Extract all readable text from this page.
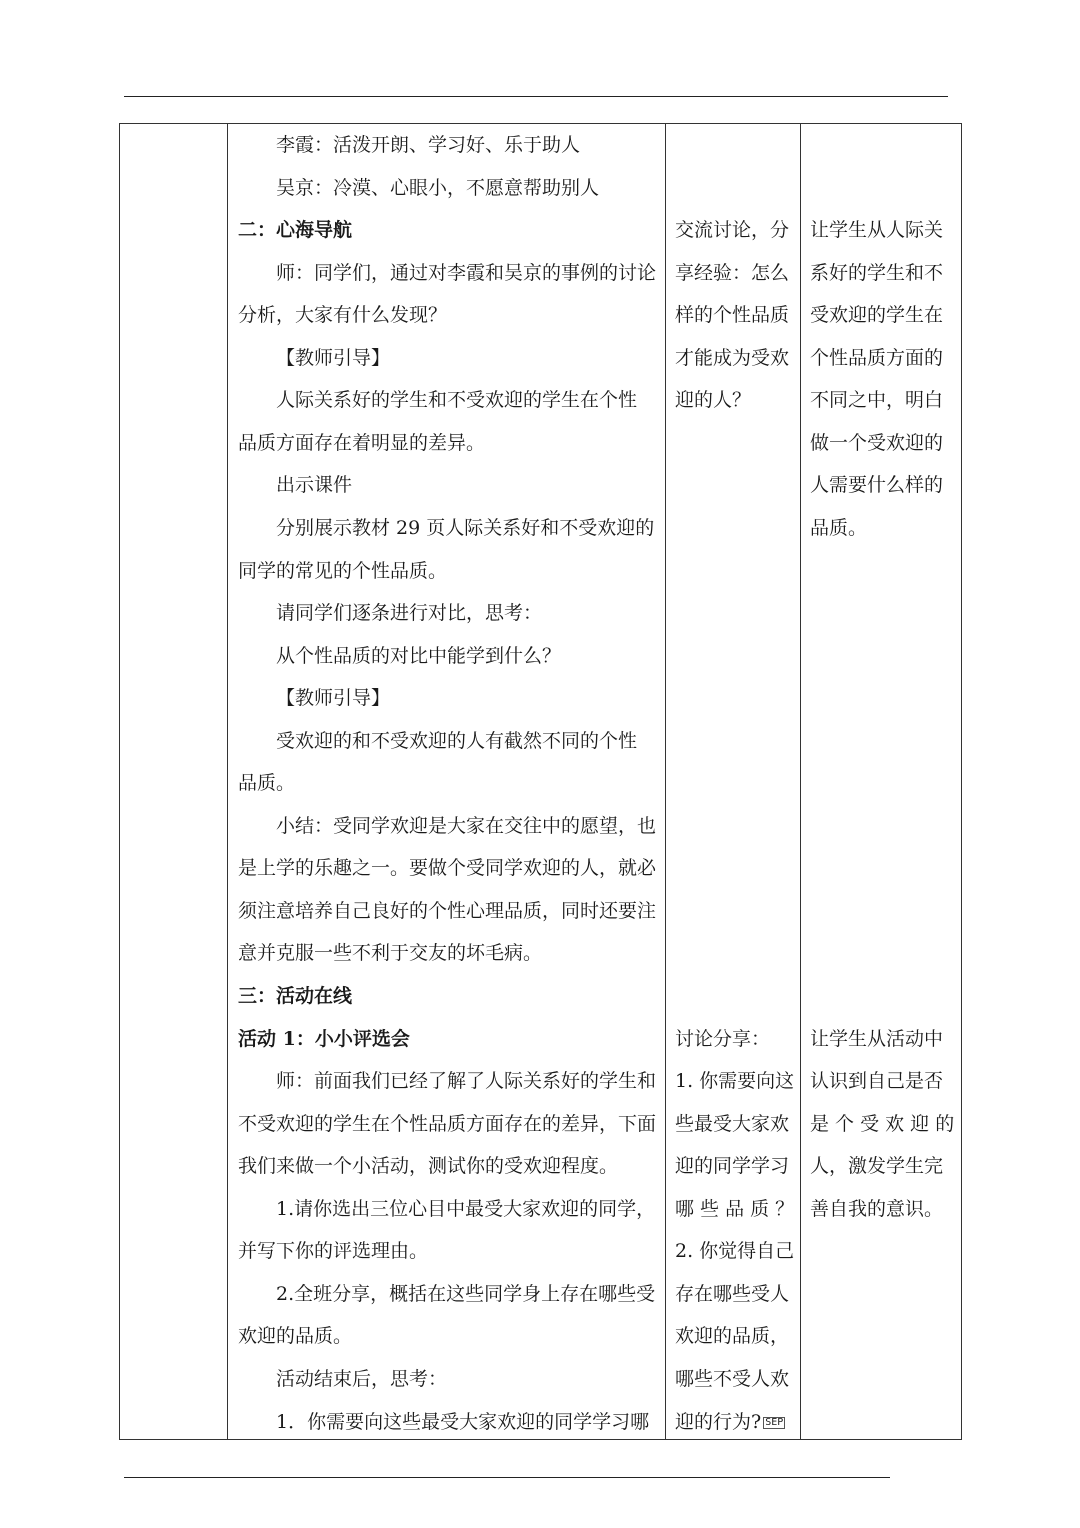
李霞：活泼开朗、学习好、乐于助人
吴京：冷漠、心眼小，不愿意帮助别人
二：心海导航
师：同学们，通过对李霞和吴京的事例的讨论
分析，大家有什么发现？
【教师引导】
人际关系好的学生和不受欢迎的学生在个性
品质方面存在着明显的差异。
出示课件
分别展示教材 29 页人际关系好和不受欢迎的
同学的常见的个性品质。
请同学们逐条进行对比，思考：
从个性品质的对比中能学到什么？
【教师引导】
受欢迎的和不受欢迎的人有截然不同的个性
品质。
小结：受同学欢迎是大家在交往中的愿望，也
是上学的乐趣之一。要做个受同学欢迎的人，就必
须注意培养自己良好的个性心理品质，同时还要注
意并克服一些不利于交友的坏毛病。
三：活动在线
活动 1：小小评选会
师：前面我们已经了解了人际关系好的学生和
不受欢迎的学生在个性品质方面存在的差异，下面
我们来做一个小活动，测试你的受欢迎程度。
1.请你选出三位心目中最受大家欢迎的同学，
并写下你的评选理由。
2.全班分享，概括在这些同学身上存在哪些受
欢迎的品质。
活动结束后，思考：
1．你需要向这些最受大家欢迎的同学学习哪
交流讨论，分
享经验：怎么
样的个性品质
才能成为受欢
迎的人？
讨论分享：
1. 你需要向这
些最受大家欢
迎的同学学习
哪 些 品 质 ？
2. 你觉得自己
存在哪些受人
欢迎的品质，
哪些不受人欢
迎的行为? SEP
让学生从人际关
系好的学生和不
受欢迎的学生在
个性品质方面的
不同之中，明白
做一个受欢迎的
人需要什么样的
品质。
让学生从活动中
认识到自己是否
是 个 受 欢 迎 的
人，激发学生完
善自我的意识。
